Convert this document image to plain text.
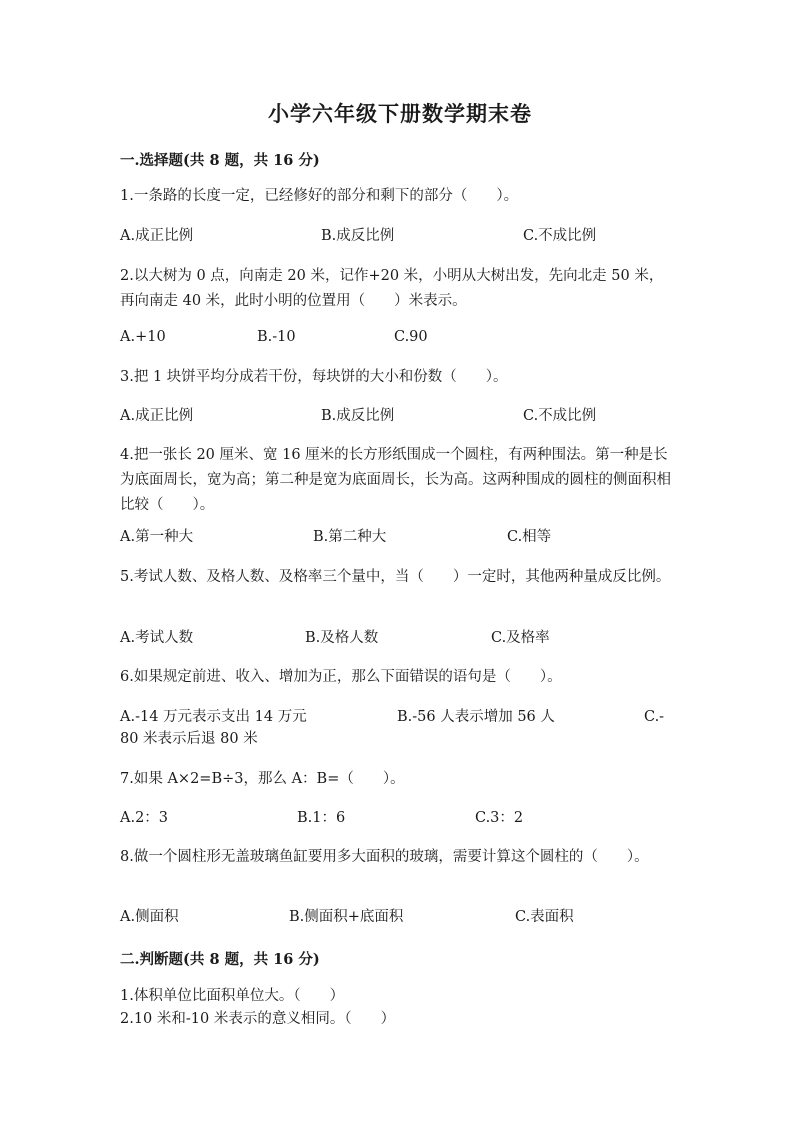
小学六年级下册数学期末卷
一.选择题(共 8 题，共 16 分)
1.一条路的长度一定，已经修好的部分和剩下的部分（　　）。
A.成正比例	B.成反比例	C.不成比例
2.以大树为 0 点，向南走 20 米，记作+20 米，小明从大树出发，先向北走 50 米，再向南走 40 米，此时小明的位置用（　　）米表示。
A.+10	B.-10	C.90
3.把 1 块饼平均分成若干份，每块饼的大小和份数（　　）。
A.成正比例	B.成反比例	C.不成比例
4.把一张长 20 厘米、宽 16 厘米的长方形纸围成一个圆柱，有两种围法。第一种是长为底面周长，宽为高；第二种是宽为底面周长，长为高。这两种围成的圆柱的侧面积相比较（　　）。
A.第一种大	B.第二种大	C.相等
5.考试人数、及格人数、及格率三个量中，当（　　）一定时，其他两种量成反比例。
A.考试人数	B.及格人数	C.及格率
6.如果规定前进、收入、增加为正，那么下面错误的语句是（　　）。
A.-14 万元表示支出 14 万元	B.-56 人表示增加 56 人	C.-
80 米表示后退 80 米
7.如果 A×2=B÷3，那么 A：B=（　　）。
A.2：3	B.1：6	C.3：2
8.做一个圆柱形无盖玻璃鱼缸要用多大面积的玻璃，需要计算这个圆柱的（　　）。
A.侧面积	B.侧面积+底面积	C.表面积
二.判断题(共 8 题，共 16 分)
1.体积单位比面积单位大。（　　）
2.10 米和-10 米表示的意义相同。（　　）
